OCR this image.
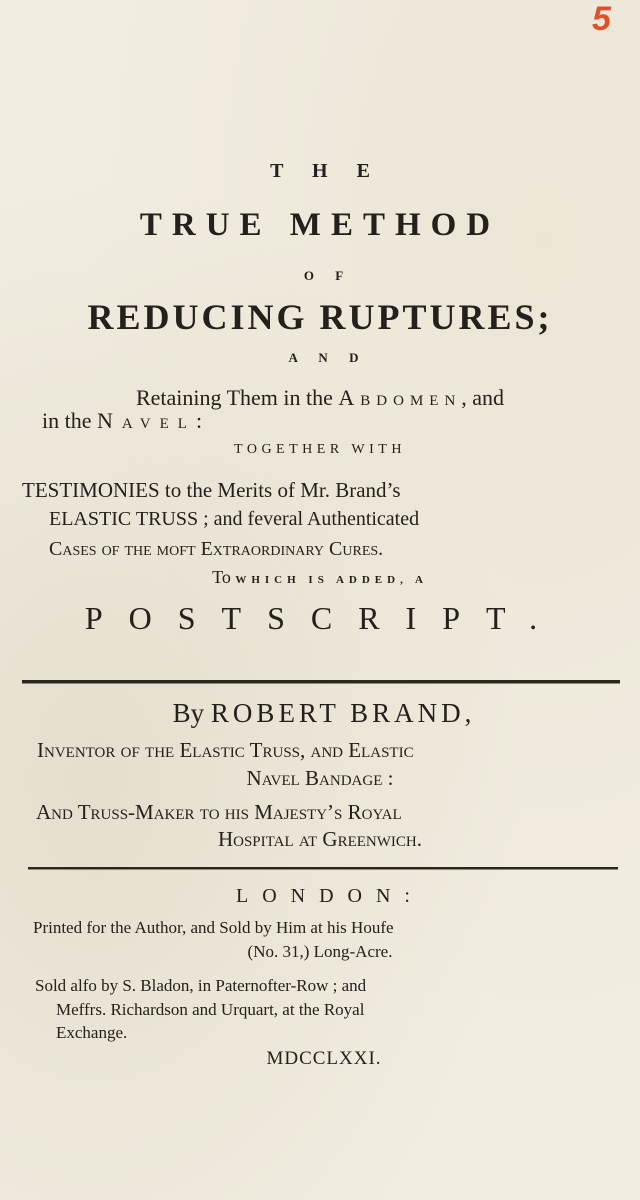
5
T H E
TRUE METHOD
O F
REDUCING RUPTURES;
A N D
Retaining Them in the Abdomen, and
in the Navel:
TOGETHER WITH
TESTIMONIES to the Merits of Mr. Brand’s
ELASTIC TRUSS ; and feveral Authenticated
Cases of the moft Extraordinary Cures.
To WHICH IS ADDED, A
POSTSCRIPT.
By ROBERT BRAND,
Inventor of the Elastic Truss, and Elastic
Navel Bandage :
And Truss-Maker to his Majesty’s Royal
Hospital at Greenwich.
LONDON:
Printed for the Author, and Sold by Him at his Houfe
(No. 31,) Long-Acre.
Sold alfo by S. Bladon, in Paternofter-Row ; and
Meffrs. Richardson and Urquart, at the Royal
Exchange.
MDCCLXXI.
